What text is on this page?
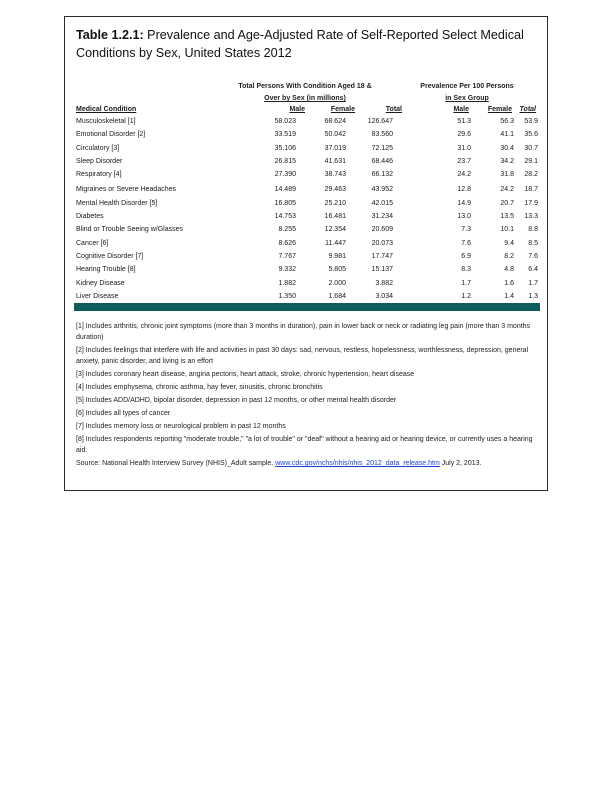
Table 1.2.1: Prevalence and Age-Adjusted Rate of Self-Reported Select Medical Conditions by Sex, United States 2012
Total Persons With Condition Aged 18 &
Over by Sex (in millions)
Prevalence Per 100 Persons
in Sex Group
Medical Condition	Male	Female	Total	Male	Female Total
Musculoskeletal [1]	58.023	68.624	126.647	51.3	56.3 53.9
Emotional Disorder [2]	33.519	50.042	83.560	29.6	41.1 35.6
Circulatory [3]	35.106	37.019	72.125	31.0	30.4 30.7
Sleep Disorder	26.815	41.631	68.446	23.7	34.2 29.1
Respiratory [4]	27.390	38.743	66.132	24.2	31.8 28.2
Migraines or Severe Headaches	14.489	29.463	43.952	12.8	24.2 18.7
Mental Health Disorder [5]	16.805	25.210	42.015	14.9	20.7 17.9
Diabetes	14.753	16.481	31.234	13.0	13.5 13.3
Blind or Trouble Seeing w/Glasses	8.255	12.354	20.609	7.3	10.1 8.8
Cancer [6]	8.626	11.447	20.073	7.6	9.4 8.5
Cognitive Disorder [7]	7.767	9.981	17.747	6.9	8.2 7.6
Hearing Trouble [8]	9.332	5.805	15.137	8.3	4.8 6.4
Kidney Disease	1.882	2.000	3.882	1.7	1.6 1.7
Liver Disease	1.350	1.684	3.034	1.2	1.4 1.3

[1] Includes arthritis, chronic joint symptoms (more than 3 months in duration), pain in lower back or neck or radiating leg pain (more than 3 months duration)

[2] Includes feelings that interfere with life and activities in past 30 days: sad, nervous, restless, hopelessness, worthlessness, depression, general anxiety, panic disorder, and living is an effort

[3] Includes coronary heart disease, angina pectoris, heart attack, stroke, chronic hypertension, heart disease

[4] Includes emphysema, chronic asthma, hay fever, sinusitis, chronic bronchitis

[5] Includes ADD/ADHD, bipolar disorder, depression in past 12 months, or other mental health disorder

[6] Includes all types of cancer

[7] Includes memory loss or neurological problem in past 12 months

[8] Includes respondents reporting "moderate trouble," "a lot of trouble" or "deaf" without a hearing aid or hearing device, or currently uses a hearing aid.

Source: National Health Interview Survey (NHIS)_Adult sample. www.cdc.gov/nchs/nhis/nhis_2012_data_release.htm July 2, 2013.
